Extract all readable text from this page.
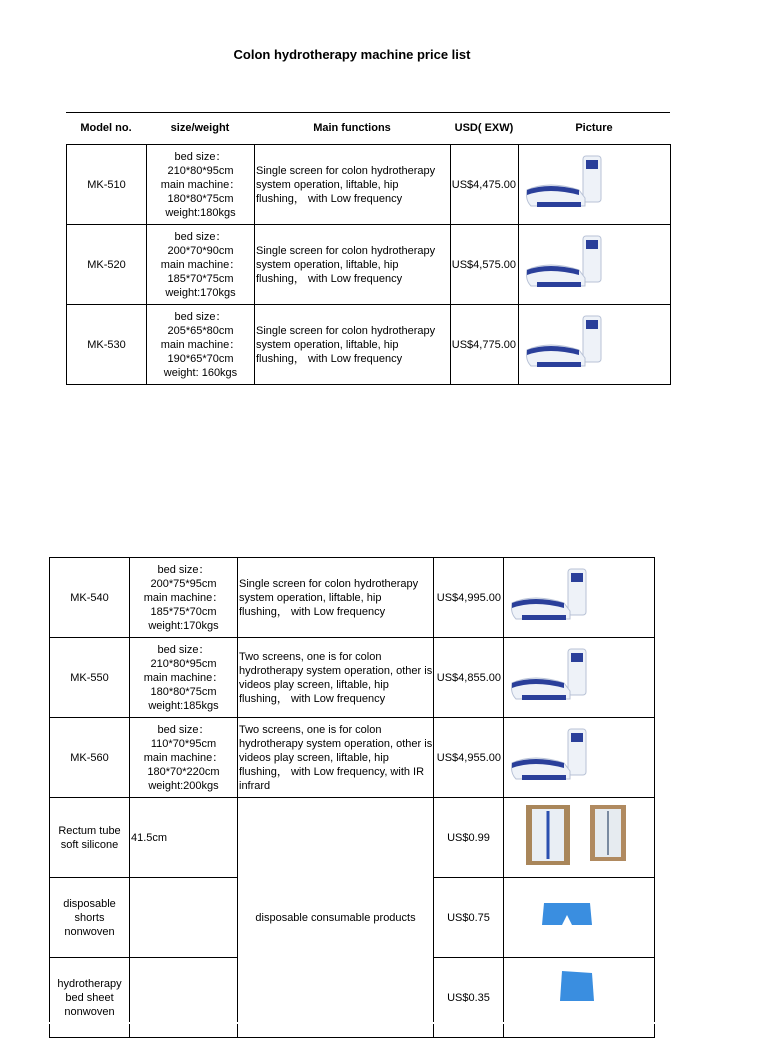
Colon hydrotherapy machine price list
Model no.	size/weight	Main functions	USD( EXW)	Picture
MK-510	bed size：
210*80*95cm
main machine：
180*80*75cm
weight:180kgs	Single screen for colon hydrotherapy system operation, liftable, hip flushing， with Low frequency	US$4,475.00	

MK-520	bed size：
200*70*90cm
main machine：
185*70*75cm
weight:170kgs	Single screen for colon hydrotherapy system operation, liftable, hip flushing， with Low frequency	US$4,575.00	

MK-530	bed size：
205*65*80cm
main machine：
190*65*70cm
weight: 160kgs	Single screen for colon hydrotherapy system operation, liftable, hip flushing， with Low frequency	US$4,775.00	
MK-540	bed size：
200*75*95cm
main machine：
185*75*70cm
weight:170kgs	Single screen for colon hydrotherapy system operation, liftable, hip flushing， with Low frequency	US$4,995.00	

MK-550	bed size：
210*80*95cm
main machine：
180*80*75cm
weight:185kgs	Two screens, one is for colon hydrotherapy system operation, other is videos play screen, liftable, hip flushing， with Low frequency	US$4,855.00	

MK-560	bed size：
110*70*95cm
main machine：
180*70*220cm
weight:200kgs	Two screens, one is for colon hydrotherapy system operation, other is videos play screen, liftable, hip flushing， with Low frequency, with IR infrard	US$4,955.00	

Rectum tube soft silicone	41.5cm	disposable consumable products	US$0.99	

disposable shorts nonwoven			US$0.75	

hydrotherapy bed sheet nonwoven			US$0.35	
